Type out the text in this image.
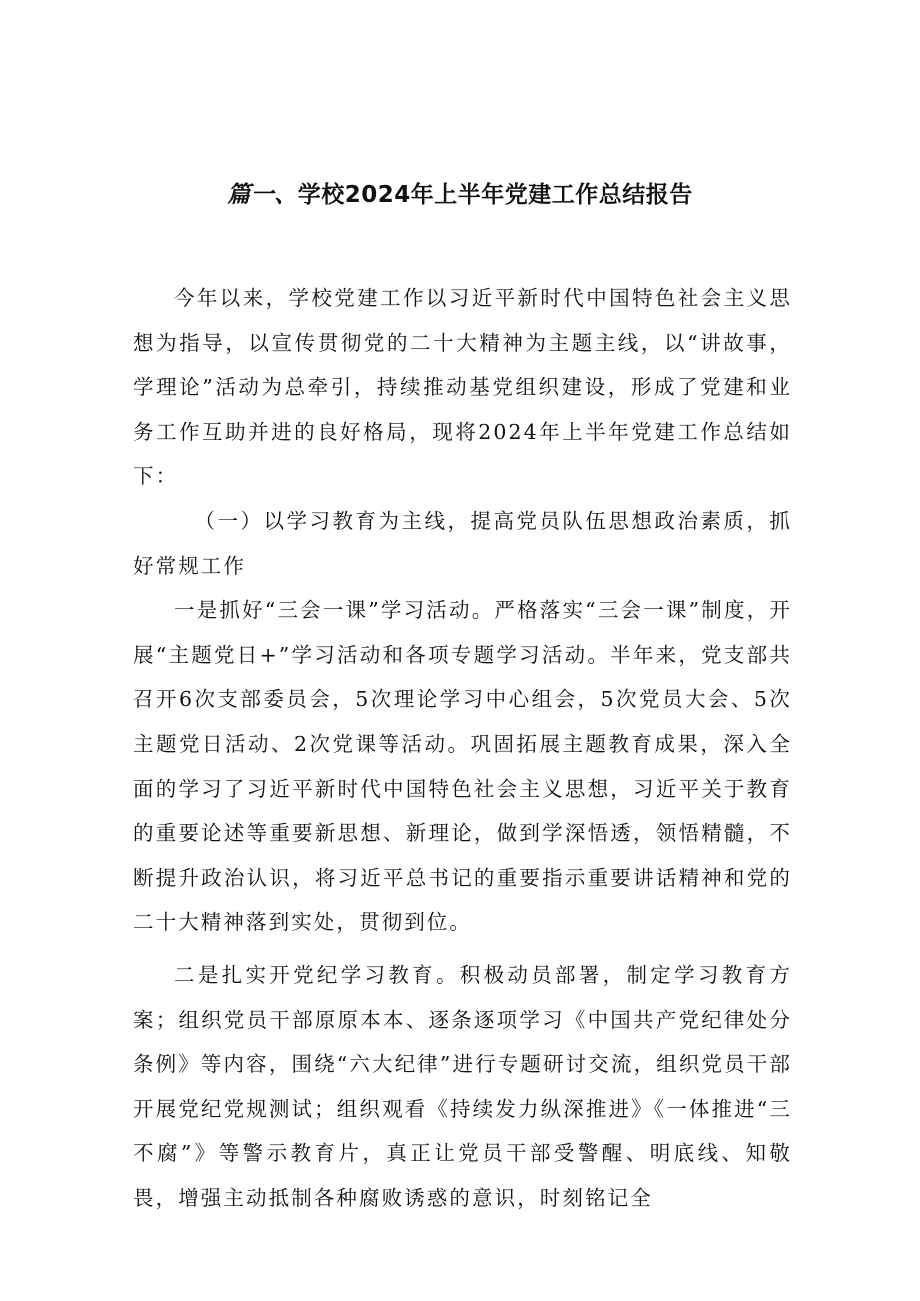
篇一、学校2024年上半年党建工作总结报告

今年以来，学校党建工作以习近平新时代中国特色社会主义思想为指导，以宣传贯彻党的二十大精神为主题主线，以“讲故事，学理论”活动为总牵引，持续推动基党组织建设，形成了党建和业务工作互助并进的良好格局，现将2024年上半年党建工作总结如下：

（一）以学习教育为主线，提高党员队伍思想政治素质，抓好常规工作

一是抓好“三会一课”学习活动。严格落实“三会一课”制度，开展“主题党日+”学习活动和各项专题学习活动。半年来，党支部共召开6次支部委员会，5次理论学习中心组会，5次党员大会、5次主题党日活动、2次党课等活动。巩固拓展主题教育成果，深入全面的学习了习近平新时代中国特色社会主义思想，习近平关于教育的重要论述等重要新思想、新理论，做到学深悟透，领悟精髓，不断提升政治认识，将习近平总书记的重要指示重要讲话精神和党的二十大精神落到实处，贯彻到位。

二是扎实开党纪学习教育。积极动员部署，制定学习教育方案；组织党员干部原原本本、逐条逐项学习《中国共产党纪律处分条例》等内容，围绕“六大纪律”进行专题研讨交流，组织党员干部开展党纪党规测试；组织观看《持续发力纵深推进》《一体推进“三不腐”》等警示教育片，真正让党员干部受警醒、明底线、知敬畏，增强主动抵制各种腐败诱惑的意识，时刻铭记全
